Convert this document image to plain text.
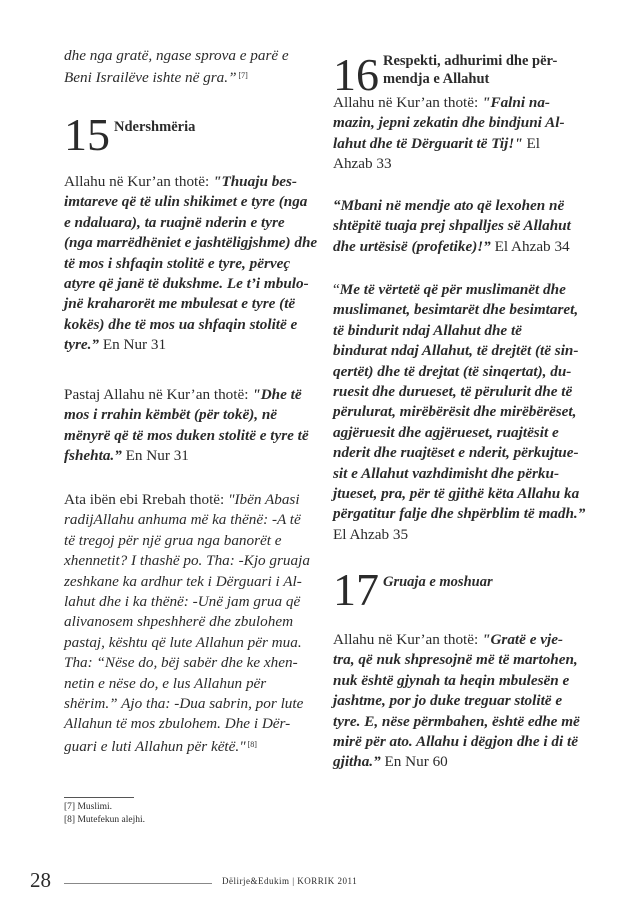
dhe nga gratë, ngase sprova e parë e
Beni Israilëve ishte në gra.” [7]
15 Ndershmëria
Allahu në Kur’an thotë: "Thuaju bes-
imtareve që të ulin shikimet e tyre (nga
e ndaluara), ta ruajnë nderin e tyre
(nga marrëdhëniet e jashtëligjshme) dhe
të mos i shfaqin stolitë e tyre, përveç
atyre që janë të dukshme. Le t’i mbulo-
jnë kraharorët me mbulesat e tyre (të
kokës) dhe të mos ua shfaqin stolitë e
tyre.” En Nur 31
Pastaj Allahu në Kur’an thotë: "Dhe të
mos i rrahin këmbët (për tokë), në
mënyrë që të mos duken stolitë e tyre të
fshehta.” En Nur 31
Ata ibën ebi Rrebah thotë: "Ibën Abasi
radijAllahu anhuma më ka thënë: -A të
të tregoj për një grua nga banorët e
xhennetit? I thashë po. Tha: -Kjo gruaja
zeshkane ka ardhur tek i Dërguari i Al-
lahut dhe i ka thënë: -Unë jam grua që
alivanosem shpeshherë dhe zbulohem
pastaj, kështu që lute Allahun për mua.
Tha: “Nëse do, bëj sabër dhe ke xhen-
netin e nëse do, e lus Allahun për
shërim.” Ajo tha: -Dua sabrin, por lute
Allahun të mos zbulohem. Dhe i Dër-
guari e luti Allahun për këtë." [8]
16 Respekti, adhurimi dhe për-
mendja e Allahut
Allahu në Kur’an thotë: "Falni na-
mazin, jepni zekatin dhe bindjuni Al-
lahut dhe të Dërguarit të Tij!" El
Ahzab 33
“Mbani në mendje ato që lexohen në
shtëpitë tuaja prej shpalljes së Allahut
dhe urtësisë (profetike)!” El Ahzab 34
“Me të vërtetë që për muslimanët dhe
muslimanet, besimtarët dhe besimtaret,
të bindurit ndaj Allahut dhe të
bindurat ndaj Allahut, të drejtët (të sin-
qertët) dhe të drejtat (të sinqertat), du-
ruesit dhe durueset, të përulurit dhe të
përulurat, mirëbërësit dhe mirëbërëset,
agjëruesit dhe agjërueset, ruajtësit e
nderit dhe ruajtëset e nderit, përkujtue-
sit e Allahut vazhdimisht dhe përku-
jtueset, pra, për të gjithë këta Allahu ka
përgatitur falje dhe shpërblim të madh.”
El Ahzab 35
17 Gruaja e moshuar
Allahu në Kur’an thotë: "Gratë e vje-
tra, që nuk shpresojnë më të martohen,
nuk është gjynah ta heqin mbulesën e
jashtme, por jo duke treguar stolitë e
tyre. E, nëse përmbahen, është edhe më
mirë për ato. Allahu i dëgjon dhe i di të
gjitha.” En Nur 60
[7] Muslimi.
[8] Mutefekun alejhi.
28	Dëlirje&Edukim | KORRIK 2011
